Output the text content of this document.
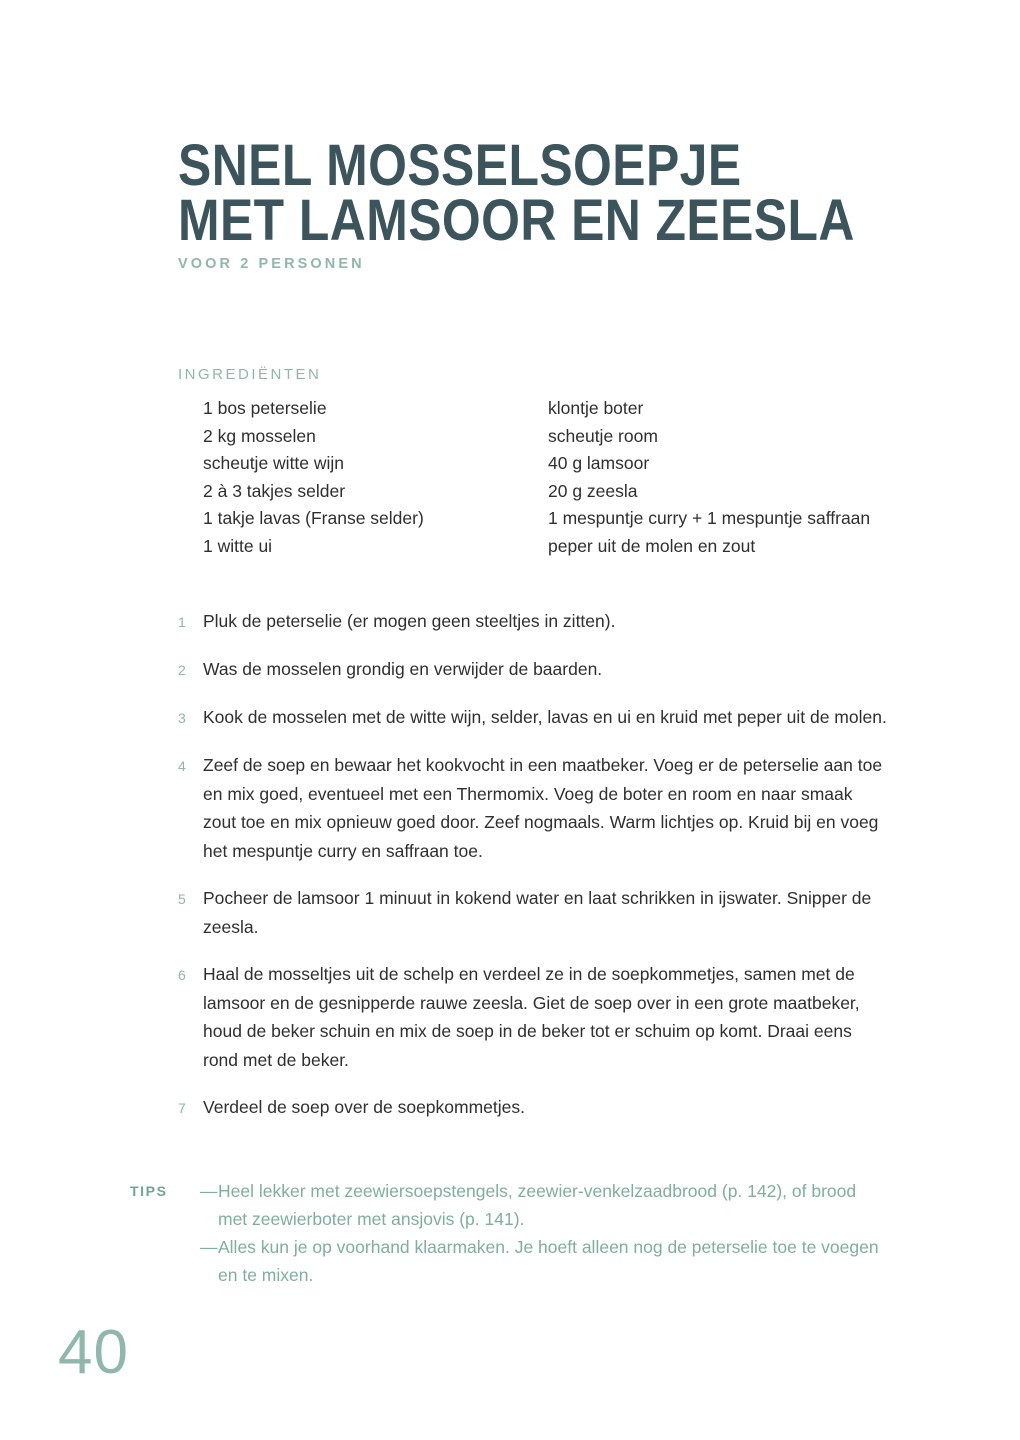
SNEL MOSSELSOEPJE
MET LAMSOOR EN ZEESLA
VOOR 2 PERSONEN
INGREDIËNTEN
1 bos peterselie
2 kg mosselen
scheutje witte wijn
2 à 3 takjes selder
1 takje lavas (Franse selder)
1 witte ui
klontje boter
scheutje room
40 g lamsoor
20 g zeesla
1 mespuntje curry + 1 mespuntje saffraan
peper uit de molen en zout
1 Pluk de peterselie (er mogen geen steeltjes in zitten).
2 Was de mosselen grondig en verwijder de baarden.
3 Kook de mosselen met de witte wijn, selder, lavas en ui en kruid met peper uit de molen.
4 Zeef de soep en bewaar het kookvocht in een maatbeker. Voeg er de peterselie aan toe en mix goed, eventueel met een Thermomix. Voeg de boter en room en naar smaak zout toe en mix opnieuw goed door. Zeef nogmaals. Warm lichtjes op. Kruid bij en voeg het mespuntje curry en saffraan toe.
5 Pocheer de lamsoor 1 minuut in kokend water en laat schrikken in ijswater. Snipper de zeesla.
6 Haal de mosseltjes uit de schelp en verdeel ze in de soepkommetjes, samen met de lamsoor en de gesnipperde rauwe zeesla. Giet de soep over in een grote maatbeker, houd de beker schuin en mix de soep in de beker tot er schuim op komt. Draai eens rond met de beker.
7 Verdeel de soep over de soepkommetjes.
TIPS	— Heel lekker met zeewiersoepstengels, zeewier-venkelzaadbrood (p. 142), of brood met zeewierboter met ansjovis (p. 141).
— Alles kun je op voorhand klaarmaken. Je hoeft alleen nog de peterselie toe te voegen en te mixen.
40
